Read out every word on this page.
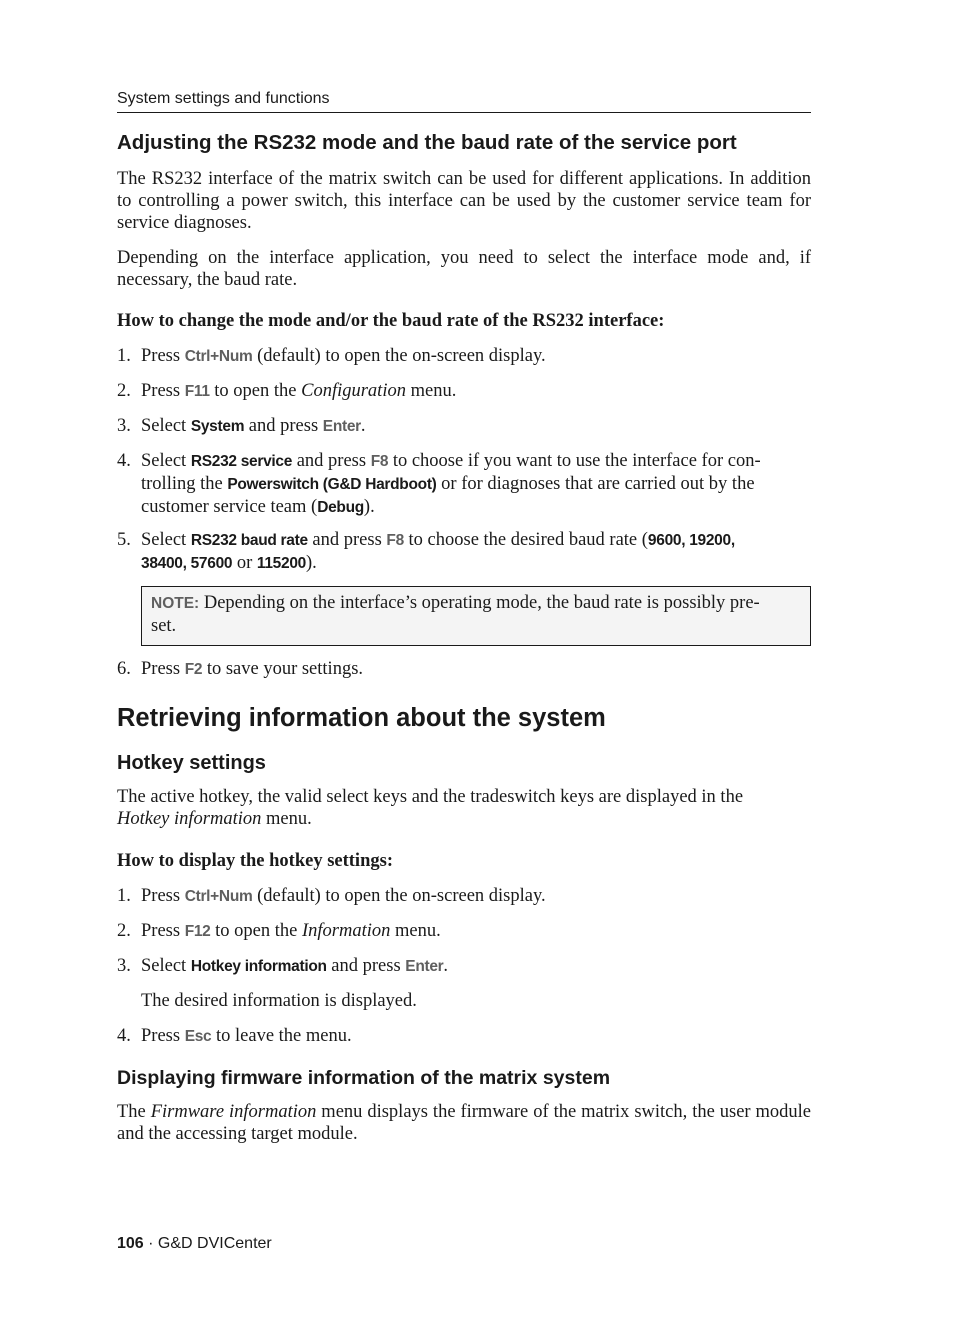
System settings and functions
Adjusting the RS232 mode and the baud rate of the service port
The RS232 interface of the matrix switch can be used for different applications. In addition to controlling a power switch, this interface can be used by the customer service team for service diagnoses.
Depending on the interface application, you need to select the interface mode and, if necessary, the baud rate.
How to change the mode and/or the baud rate of the RS232 interface:
1. Press Ctrl+Num (default) to open the on-screen display.
2. Press F11 to open the Configuration menu.
3. Select System and press Enter.
4. Select RS232 service and press F8 to choose if you want to use the interface for con-
trolling the Powerswitch (G&D Hardboot) or for diagnoses that are carried out by the
customer service team (Debug).
5. Select RS232 baud rate and press F8 to choose the desired baud rate (9600, 19200,
38400, 57600 or 115200).
NOTE: Depending on the interface’s operating mode, the baud rate is possibly pre-
set.
6. Press F2 to save your settings.
Retrieving information about the system
Hotkey settings
The active hotkey, the valid select keys and the tradeswitch keys are displayed in the
Hotkey information menu.
How to display the hotkey settings:
1. Press Ctrl+Num (default) to open the on-screen display.
2. Press F12 to open the Information menu.
3. Select Hotkey information and press Enter.
The desired information is displayed.
4. Press Esc to leave the menu.
Displaying firmware information of the matrix system
The Firmware information menu displays the firmware of the matrix switch, the user module and the accessing target module.
106 · G&D DVICenter
